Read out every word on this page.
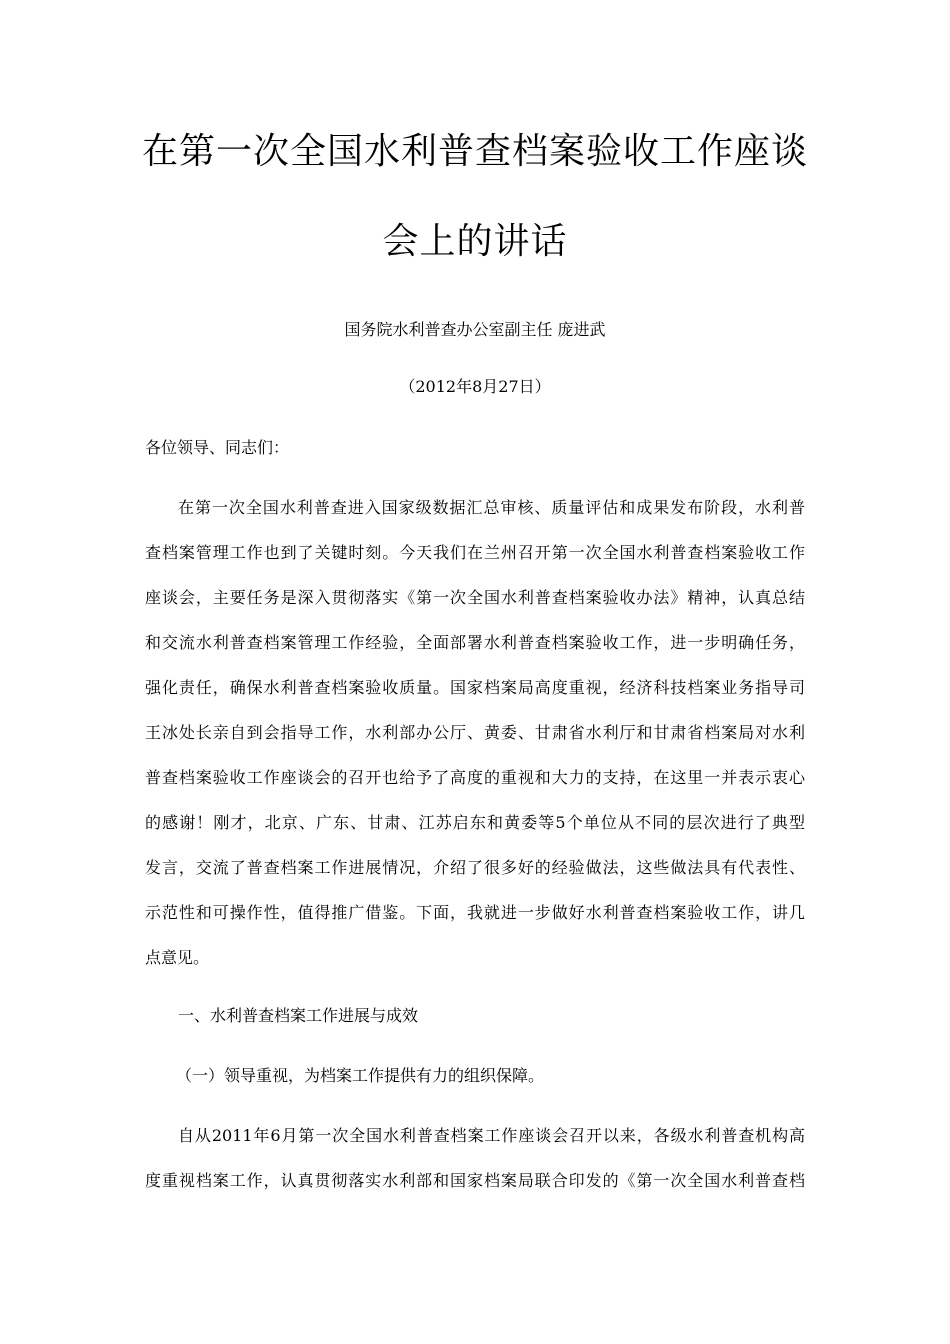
在第一次全国水利普查档案验收工作座谈
会上的讲话
国务院水利普查办公室副主任 庞进武
（2012年8月27日）
各位领导、同志们：
在第一次全国水利普查进入国家级数据汇总审核、质量评估和成果发布阶段，水利普
查档案管理工作也到了关键时刻。今天我们在兰州召开第一次全国水利普查档案验收工作
座谈会，主要任务是深入贯彻落实《第一次全国水利普查档案验收办法》精神，认真总结
和交流水利普查档案管理工作经验，全面部署水利普查档案验收工作，进一步明确任务，
强化责任，确保水利普查档案验收质量。国家档案局高度重视，经济科技档案业务指导司
王冰处长亲自到会指导工作，水利部办公厅、黄委、甘肃省水利厅和甘肃省档案局对水利
普查档案验收工作座谈会的召开也给予了高度的重视和大力的支持，在这里一并表示衷心
的感谢！刚才，北京、广东、甘肃、江苏启东和黄委等5个单位从不同的层次进行了典型
发言，交流了普查档案工作进展情况，介绍了很多好的经验做法，这些做法具有代表性、
示范性和可操作性，值得推广借鉴。下面，我就进一步做好水利普查档案验收工作，讲几
点意见。
一、水利普查档案工作进展与成效
（一）领导重视，为档案工作提供有力的组织保障。
自从2011年6月第一次全国水利普查档案工作座谈会召开以来，各级水利普查机构高
度重视档案工作，认真贯彻落实水利部和国家档案局联合印发的《第一次全国水利普查档
